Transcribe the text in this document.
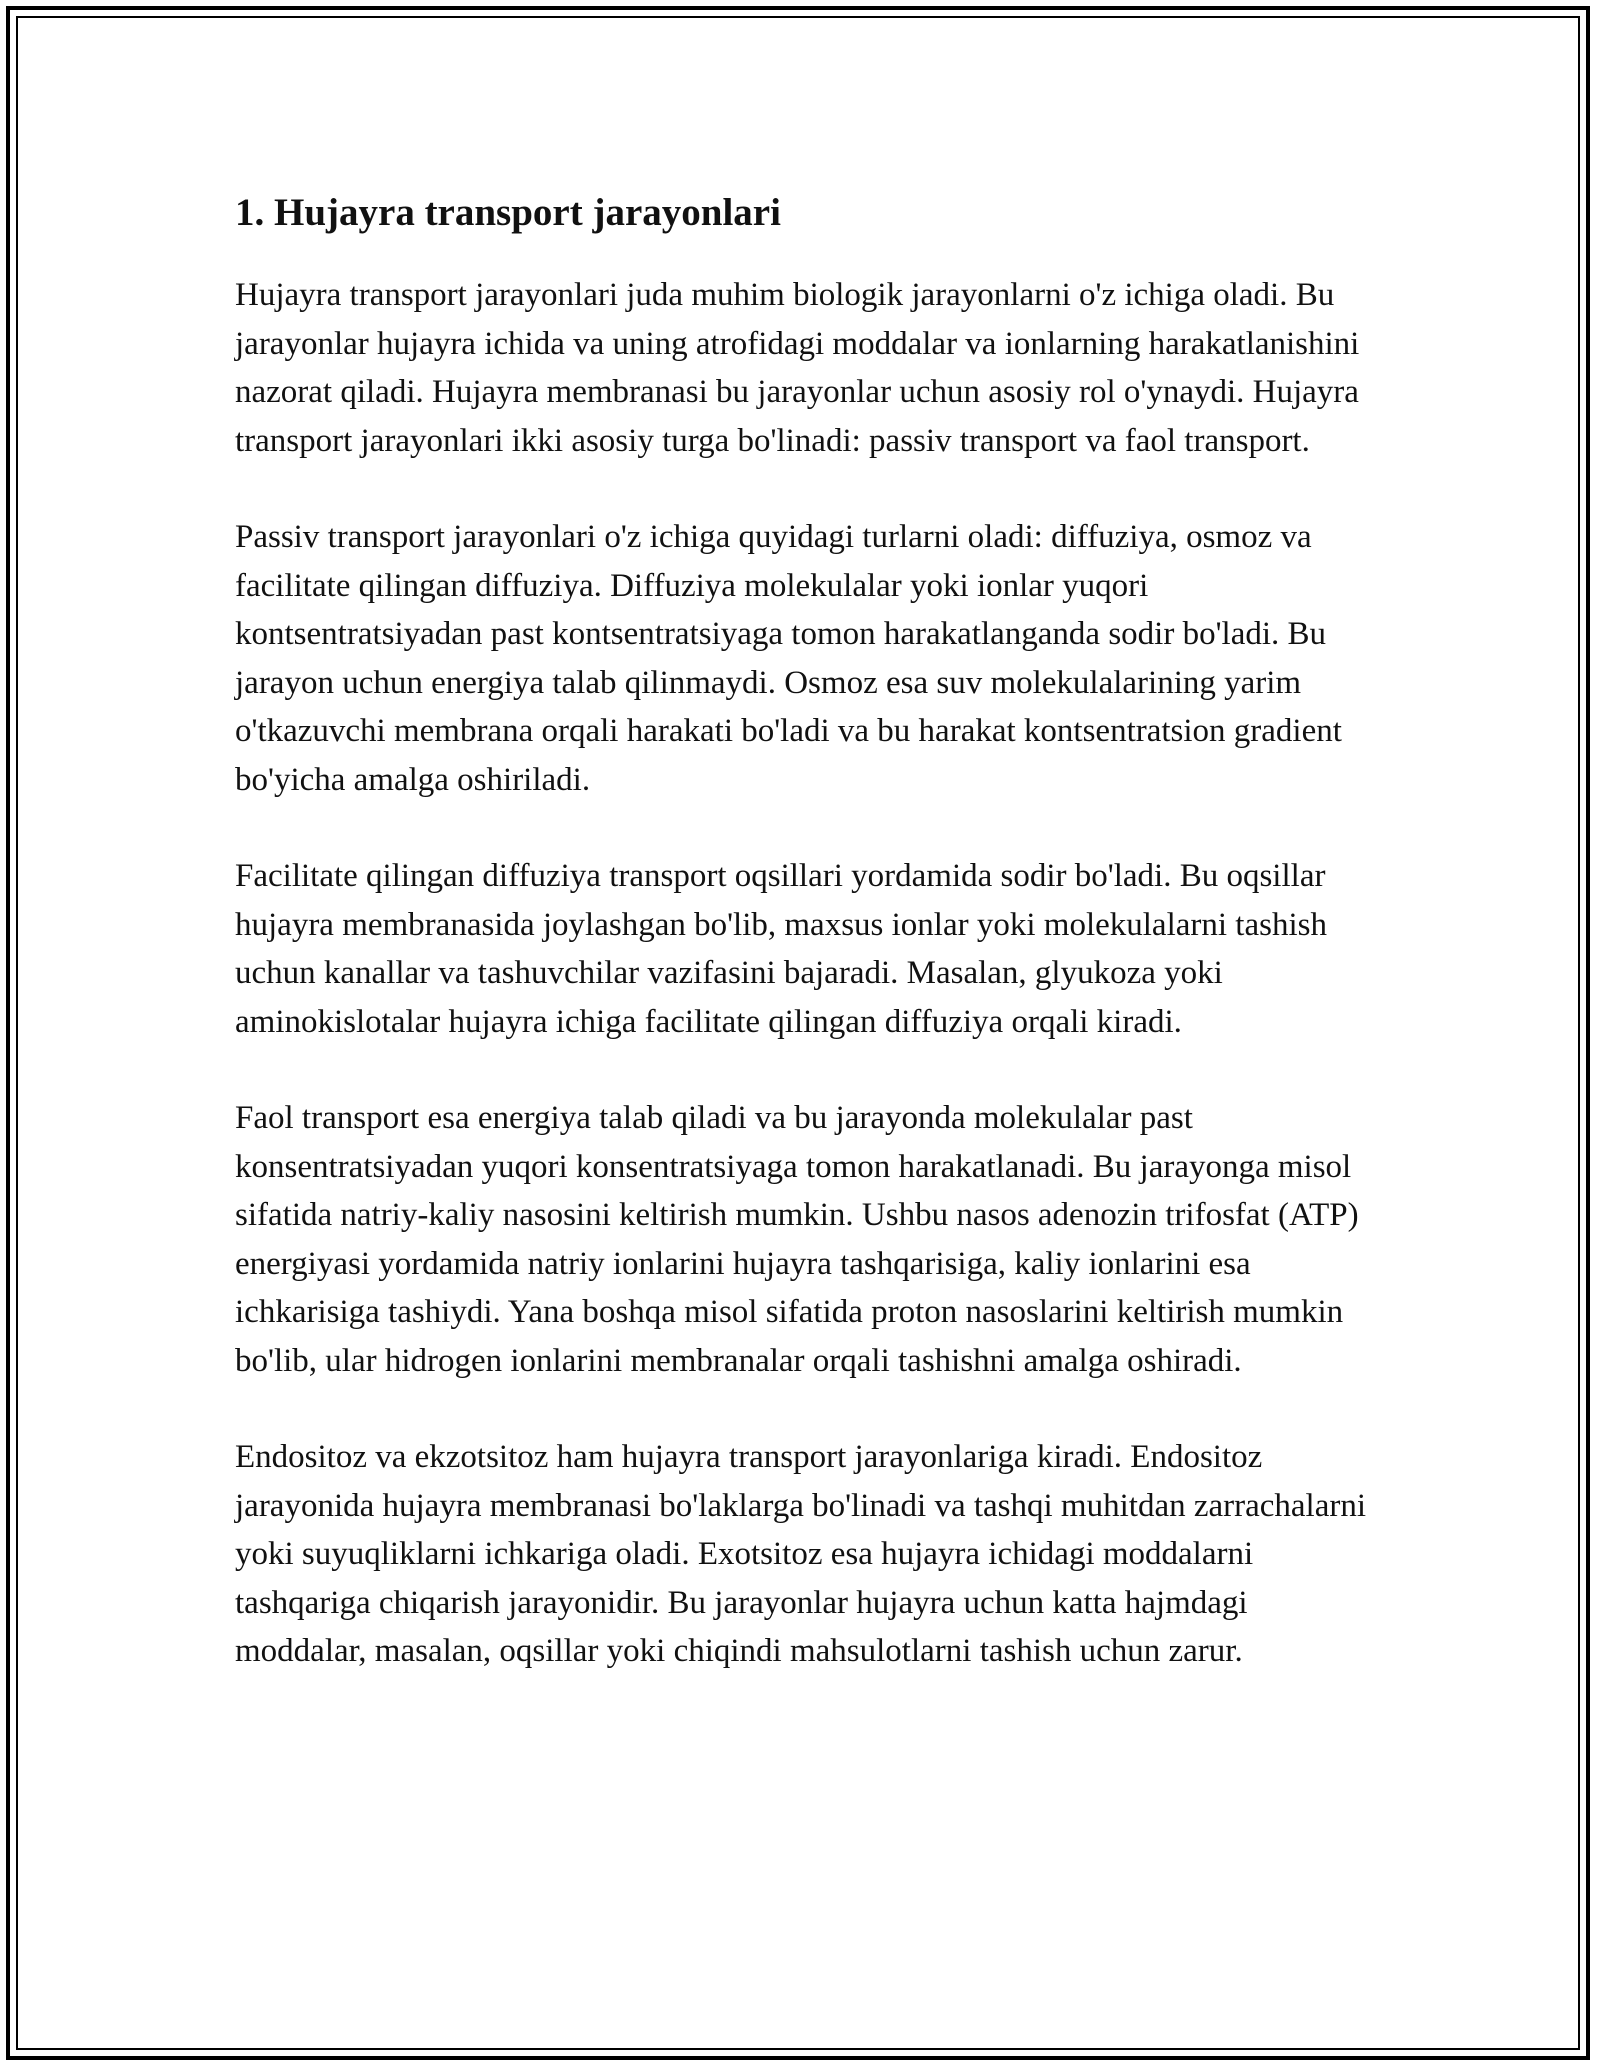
1. Hujayra transport jarayonlari

Hujayra transport jarayonlari juda muhim biologik jarayonlarni o'z ichiga oladi. Bu jarayonlar hujayra ichida va uning atrofidagi moddalar va ionlarning harakatlanishini nazorat qiladi. Hujayra membranasi bu jarayonlar uchun asosiy rol o'ynaydi. Hujayra transport jarayonlari ikki asosiy turga bo'linadi: passiv transport va faol transport.

Passiv transport jarayonlari o'z ichiga quyidagi turlarni oladi: diffuziya, osmoz va facilitate qilingan diffuziya. Diffuziya molekulalar yoki ionlar yuqori kontsentratsiyadan past kontsentratsiyaga tomon harakatlanganda sodir bo'ladi. Bu jarayon uchun energiya talab qilinmaydi. Osmoz esa suv molekulalarining yarim o'tkazuvchi membrana orqali harakati bo'ladi va bu harakat kontsentratsion gradient bo'yicha amalga oshiriladi.

Facilitate qilingan diffuziya transport oqsillari yordamida sodir bo'ladi. Bu oqsillar hujayra membranasida joylashgan bo'lib, maxsus ionlar yoki molekulalarni tashish uchun kanallar va tashuvchilar vazifasini bajaradi. Masalan, glyukoza yoki aminokislotalar hujayra ichiga facilitate qilingan diffuziya orqali kiradi.

Faol transport esa energiya talab qiladi va bu jarayonda molekulalar past konsentratsiyadan yuqori konsentratsiyaga tomon harakatlanadi. Bu jarayonga misol sifatida natriy-kaliy nasosini keltirish mumkin. Ushbu nasos adenozin trifosfat (ATP) energiyasi yordamida natriy ionlarini hujayra tashqarisiga, kaliy ionlarini esa ichkarisiga tashiydi. Yana boshqa misol sifatida proton nasoslarini keltirish mumkin bo'lib, ular hidrogen ionlarini membranalar orqali tashishni amalga oshiradi.

Endositoz va ekzotsitoz ham hujayra transport jarayonlariga kiradi. Endositoz jarayonida hujayra membranasi bo'laklarga bo'linadi va tashqi muhitdan zarrachalarni yoki suyuqliklarni ichkariga oladi. Exotsitoz esa hujayra ichidagi moddalarni tashqariga chiqarish jarayonidir. Bu jarayonlar hujayra uchun katta hajmdagi moddalar, masalan, oqsillar yoki chiqindi mahsulotlarni tashish uchun zarur.
